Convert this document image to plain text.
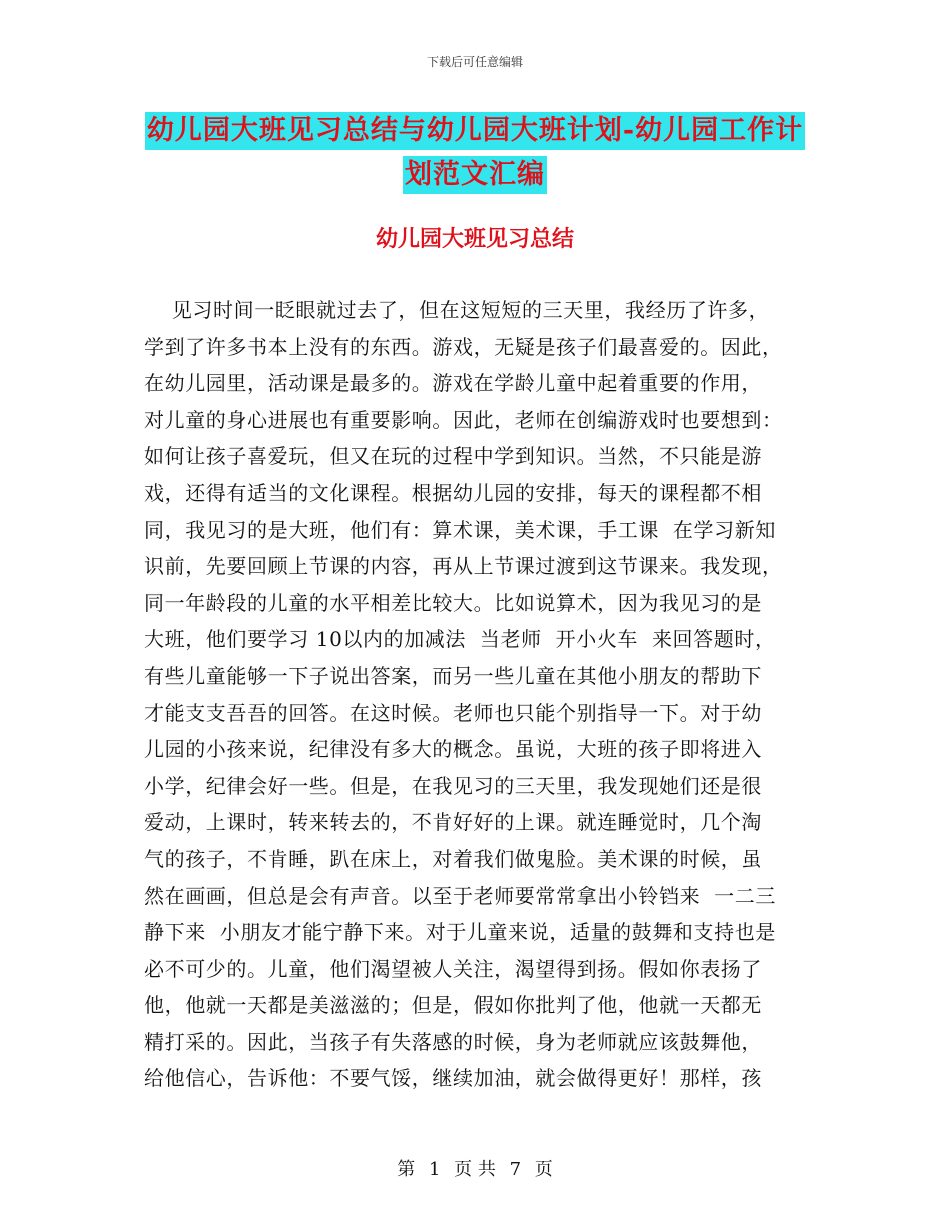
下载后可任意编辑
幼儿园大班见习总结与幼儿园大班计划-幼儿园工作计
划范文汇编
幼儿园大班见习总结
见习时间一眨眼就过去了，但在这短短的三天里，我经历了许多，
学到了许多书本上没有的东西。游戏，无疑是孩子们最喜爱的。因此，
在幼儿园里，活动课是最多的。游戏在学龄儿童中起着重要的作用，
对儿童的身心进展也有重要影响。因此，老师在创编游戏时也要想到：
如何让孩子喜爱玩，但又在玩的过程中学到知识。当然，不只能是游
戏，还得有适当的文化课程。根据幼儿园的安排，每天的课程都不相
同，我见习的是大班，他们有：算术课，美术课，手工课  在学习新知
识前，先要回顾上节课的内容，再从上节课过渡到这节课来。我发现，
同一年龄段的儿童的水平相差比较大。比如说算术，因为我见习的是
大班，他们要学习 10以内的加减法  当老师  开小火车  来回答题时，
有些儿童能够一下子说出答案，而另一些儿童在其他小朋友的帮助下
才能支支吾吾的回答。在这时候。老师也只能个别指导一下。对于幼
儿园的小孩来说，纪律没有多大的概念。虽说，大班的孩子即将进入
小学，纪律会好一些。但是，在我见习的三天里，我发现她们还是很
爱动，上课时，转来转去的，不肯好好的上课。就连睡觉时，几个淘
气的孩子，不肯睡，趴在床上，对着我们做鬼脸。美术课的时候，虽
然在画画，但总是会有声音。以至于老师要常常拿出小铃铛来  一二三
静下来  小朋友才能宁静下来。对于儿童来说，适量的鼓舞和支持也是
必不可少的。儿童，他们渴望被人关注，渴望得到扬。假如你表扬了
他，他就一天都是美滋滋的；但是，假如你批判了他，他就一天都无
精打采的。因此，当孩子有失落感的时候，身为老师就应该鼓舞他，
给他信心，告诉他：不要气馁，继续加油，就会做得更好！那样，孩
第 1 页 共 7 页
